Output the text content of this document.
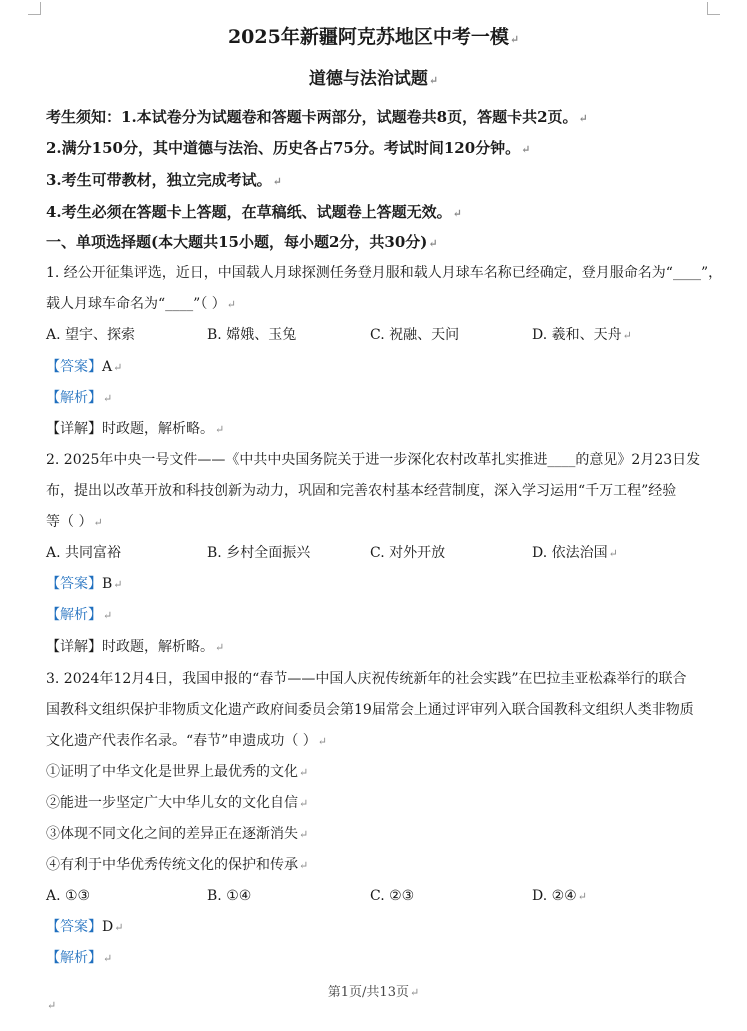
2025年新疆阿克苏地区中考一模↵
道德与法治试题↵
考生须知：1.本试卷分为试题卷和答题卡两部分，试题卷共8页，答题卡共2页。↵
2.满分150分，其中道德与法治、历史各占75分。考试时间120分钟。↵
3.考生可带教材，独立完成考试。↵
4.考生必须在答题卡上答题，在草稿纸、试题卷上答题无效。↵
一、单项选择题(本大题共15小题，每小题2分，共30分)↵
1. 经公开征集评选，近日，中国载人月球探测任务登月服和载人月球车名称已经确定，登月服命名为“____”，
载人月球车命名为“____”（ ）↵
A. 望宇、探索	B. 嫦娥、玉兔	C. 祝融、天问	D. 羲和、天舟↵
【答案】A↵
【解析】↵
【详解】时政题，解析略。↵
2. 2025年中央一号文件——《中共中央国务院关于进一步深化农村改革扎实推进____的意见》2月23日发
布，提出以改革开放和科技创新为动力，巩固和完善农村基本经营制度，深入学习运用“千万工程”经验
等（ ）↵
A. 共同富裕	B. 乡村全面振兴	C. 对外开放	D. 依法治国↵
【答案】B↵
【解析】↵
【详解】时政题，解析略。↵
3. 2024年12月4日，我国申报的“春节——中国人庆祝传统新年的社会实践”在巴拉圭亚松森举行的联合
国教科文组织保护非物质文化遗产政府间委员会第19届常会上通过评审列入联合国教科文组织人类非物质
文化遗产代表作名录。“春节”申遗成功（ ）↵
①证明了中华文化是世界上最优秀的文化↵
②能进一步坚定广大中华儿女的文化自信↵
③体现不同文化之间的差异正在逐渐消失↵
④有利于中华优秀传统文化的保护和传承↵
A. ①③	B. ①④	C. ②③	D. ②④↵
【答案】D↵
【解析】↵
第1页/共13页↵
↵
